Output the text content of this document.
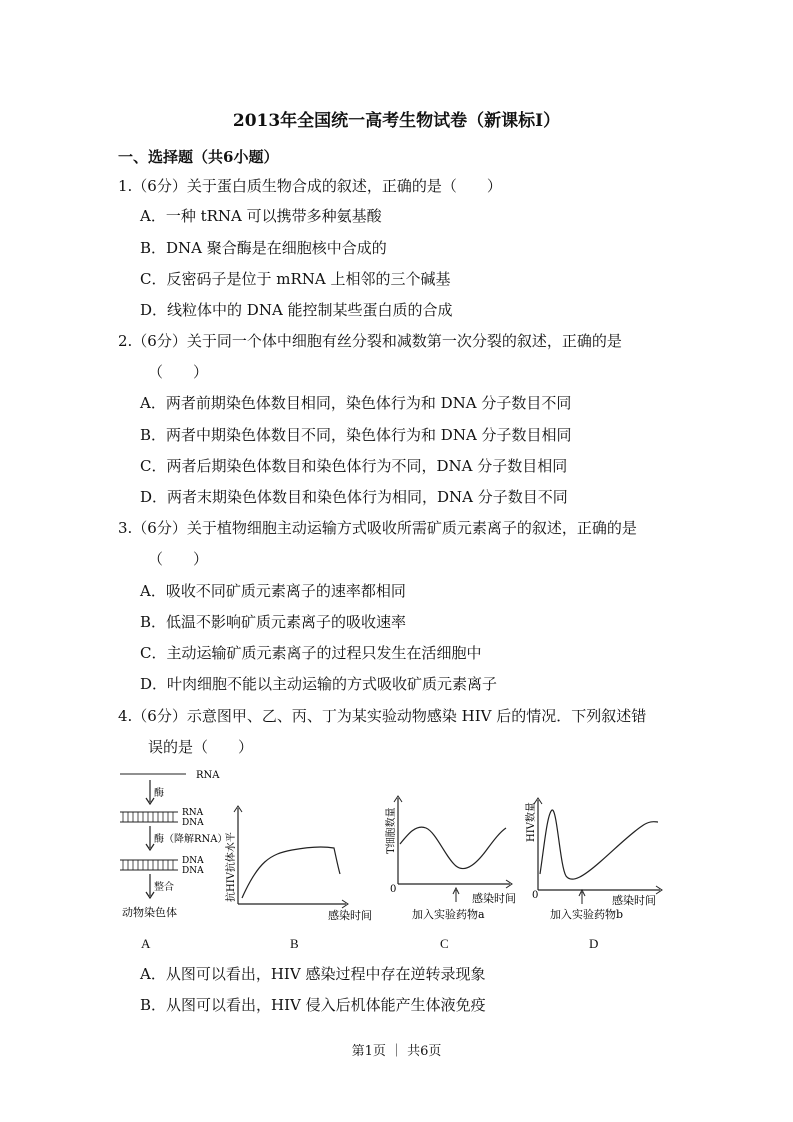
2013年全国统一高考生物试卷（新课标I）
一、选择题（共6小题）
1.（6分）关于蛋白质生物合成的叙述，正确的是（　　）
A．一种 tRNA 可以携带多种氨基酸
B．DNA 聚合酶是在细胞核中合成的
C．反密码子是位于 mRNA 上相邻的三个碱基
D．线粒体中的 DNA 能控制某些蛋白质的合成
2.（6分）关于同一个体中细胞有丝分裂和减数第一次分裂的叙述，正确的是
（　　）
A．两者前期染色体数目相同，染色体行为和 DNA 分子数目不同
B．两者中期染色体数目不同，染色体行为和 DNA 分子数目相同
C．两者后期染色体数目和染色体行为不同，DNA 分子数目相同
D．两者末期染色体数目和染色体行为相同，DNA 分子数目不同
3.（6分）关于植物细胞主动运输方式吸收所需矿质元素离子的叙述，正确的是
（　　）
A．吸收不同矿质元素离子的速率都相同
B．低温不影响矿质元素离子的吸收速率
C．主动运输矿质元素离子的过程只发生在活细胞中
D．叶肉细胞不能以主动运输的方式吸收矿质元素离子
4.（6分）示意图甲、乙、丙、丁为某实验动物感染 HIV 后的情况．下列叙述错
误的是（　　）
RNA
酶
RNA
DNA
酶（降解RNA）
DNA
DNA
整合
动物染色体
抗HIV抗体水平
感染时间
T细胞数量
0
感染时间
加入实验药物a
HIV数量
0	感染时间
加入实验药物b
A	B	C	D
A．从图可以看出，HIV 感染过程中存在逆转录现象
B．从图可以看出，HIV 侵入后机体能产生体液免疫
第1页 ｜ 共6页
